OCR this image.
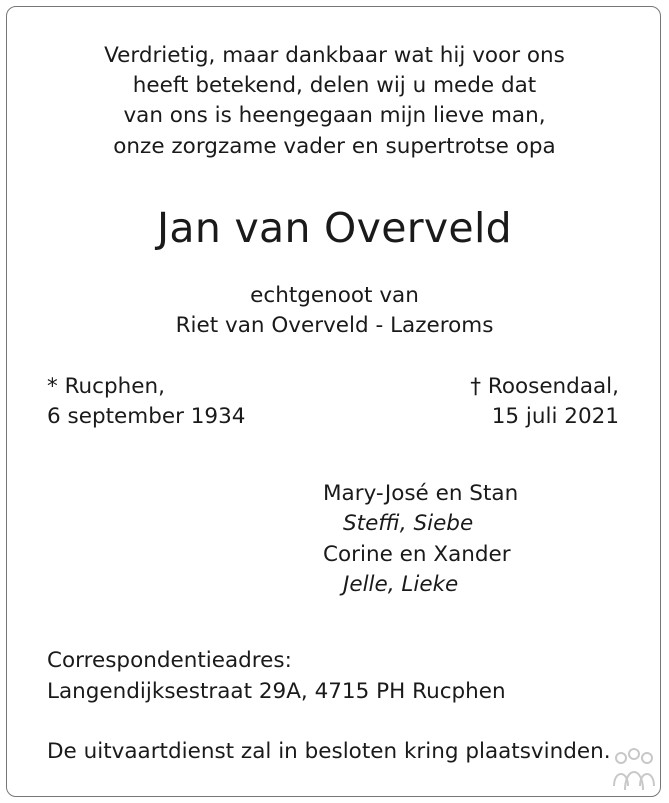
Verdrietig, maar dankbaar wat hij voor ons
heeft betekend, delen wij u mede dat
van ons is heengegaan mijn lieve man,
onze zorgzame vader en supertrotse opa
Jan van Overveld
echtgenoot van
Riet van Overveld - Lazeroms
* Rucphen,
6 september 1934
† Roosendaal,
15 juli 2021
Mary-José en Stan
Steffi, Siebe
Corine en Xander
Jelle, Lieke
Correspondentieadres:
Langendijksestraat 29A, 4715 PH Rucphen
De uitvaartdienst zal in besloten kring plaatsvinden.
